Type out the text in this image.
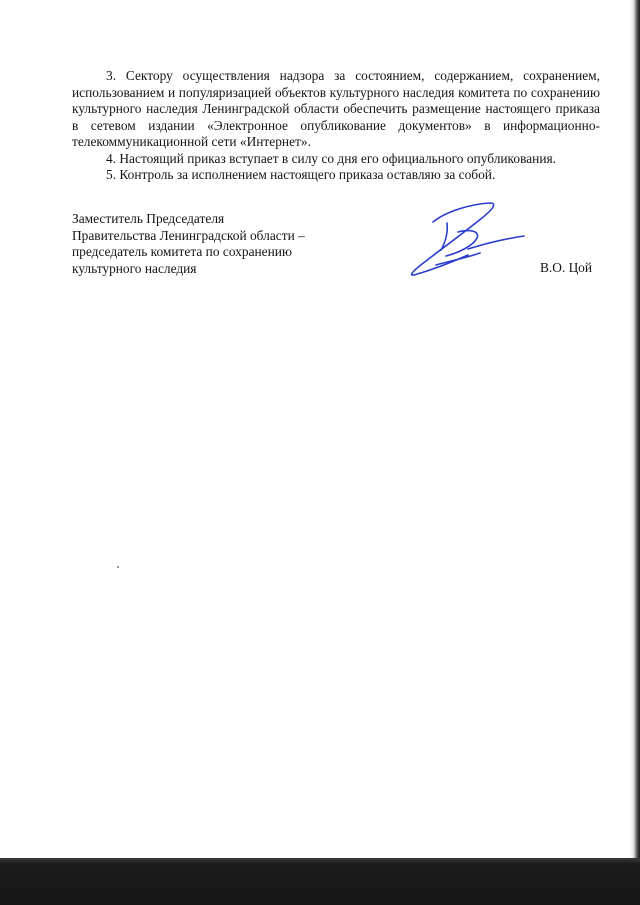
3. Сектору осуществления надзора за состоянием, содержанием, сохранением, использованием и популяризацией объектов культурного наследия комитета по сохранению культурного наследия Ленинградской области обеспечить размещение настоящего приказа в сетевом издании «Электронное опубликование документов» в информационно-телекоммуникационной сети «Интернет».

4. Настоящий приказ вступает в силу со дня его официального опубликования.

5. Контроль за исполнением настоящего приказа оставляю за собой.

Заместитель Председателя
Правительства Ленинградской области –
председатель комитета по сохранению
культурного наследия	В.О. Цой
